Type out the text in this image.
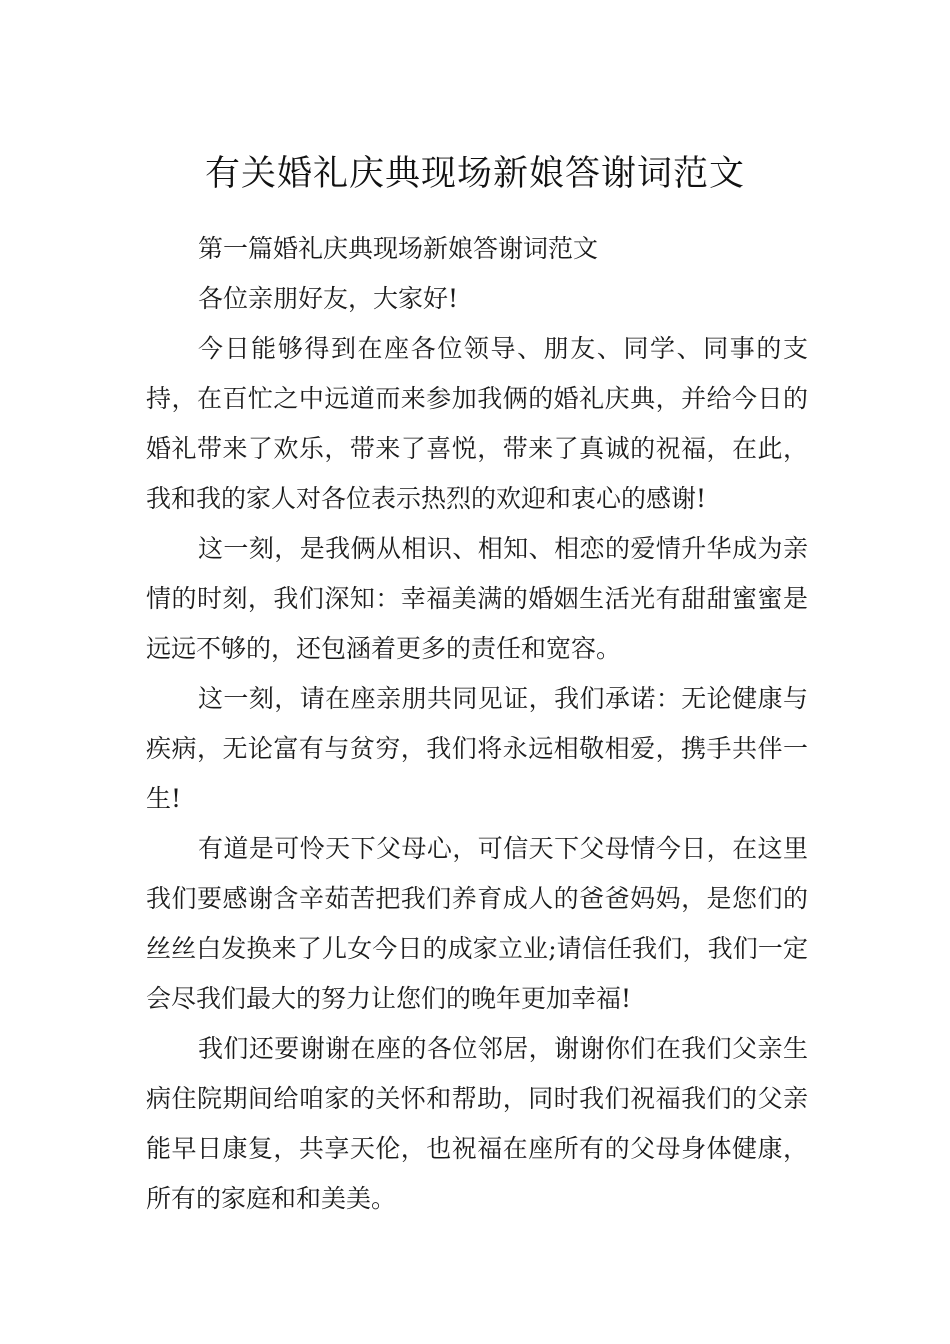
有关婚礼庆典现场新娘答谢词范文

第一篇婚礼庆典现场新娘答谢词范文

各位亲朋好友，大家好!

今日能够得到在座各位领导、朋友、同学、同事的支持，在百忙之中远道而来参加我俩的婚礼庆典，并给今日的婚礼带来了欢乐，带来了喜悦，带来了真诚的祝福，在此，我和我的家人对各位表示热烈的欢迎和衷心的感谢!

这一刻，是我俩从相识、相知、相恋的爱情升华成为亲情的时刻，我们深知：幸福美满的婚姻生活光有甜甜蜜蜜是远远不够的，还包涵着更多的责任和宽容。

这一刻，请在座亲朋共同见证，我们承诺：无论健康与疾病，无论富有与贫穷，我们将永远相敬相爱，携手共伴一生!

有道是可怜天下父母心，可信天下父母情今日，在这里我们要感谢含辛茹苦把我们养育成人的爸爸妈妈，是您们的丝丝白发换来了儿女今日的成家立业;请信任我们，我们一定会尽我们最大的努力让您们的晚年更加幸福!

我们还要谢谢在座的各位邻居，谢谢你们在我们父亲生病住院期间给咱家的关怀和帮助，同时我们祝福我们的父亲能早日康复，共享天伦，也祝福在座所有的父母身体健康，所有的家庭和和美美。
